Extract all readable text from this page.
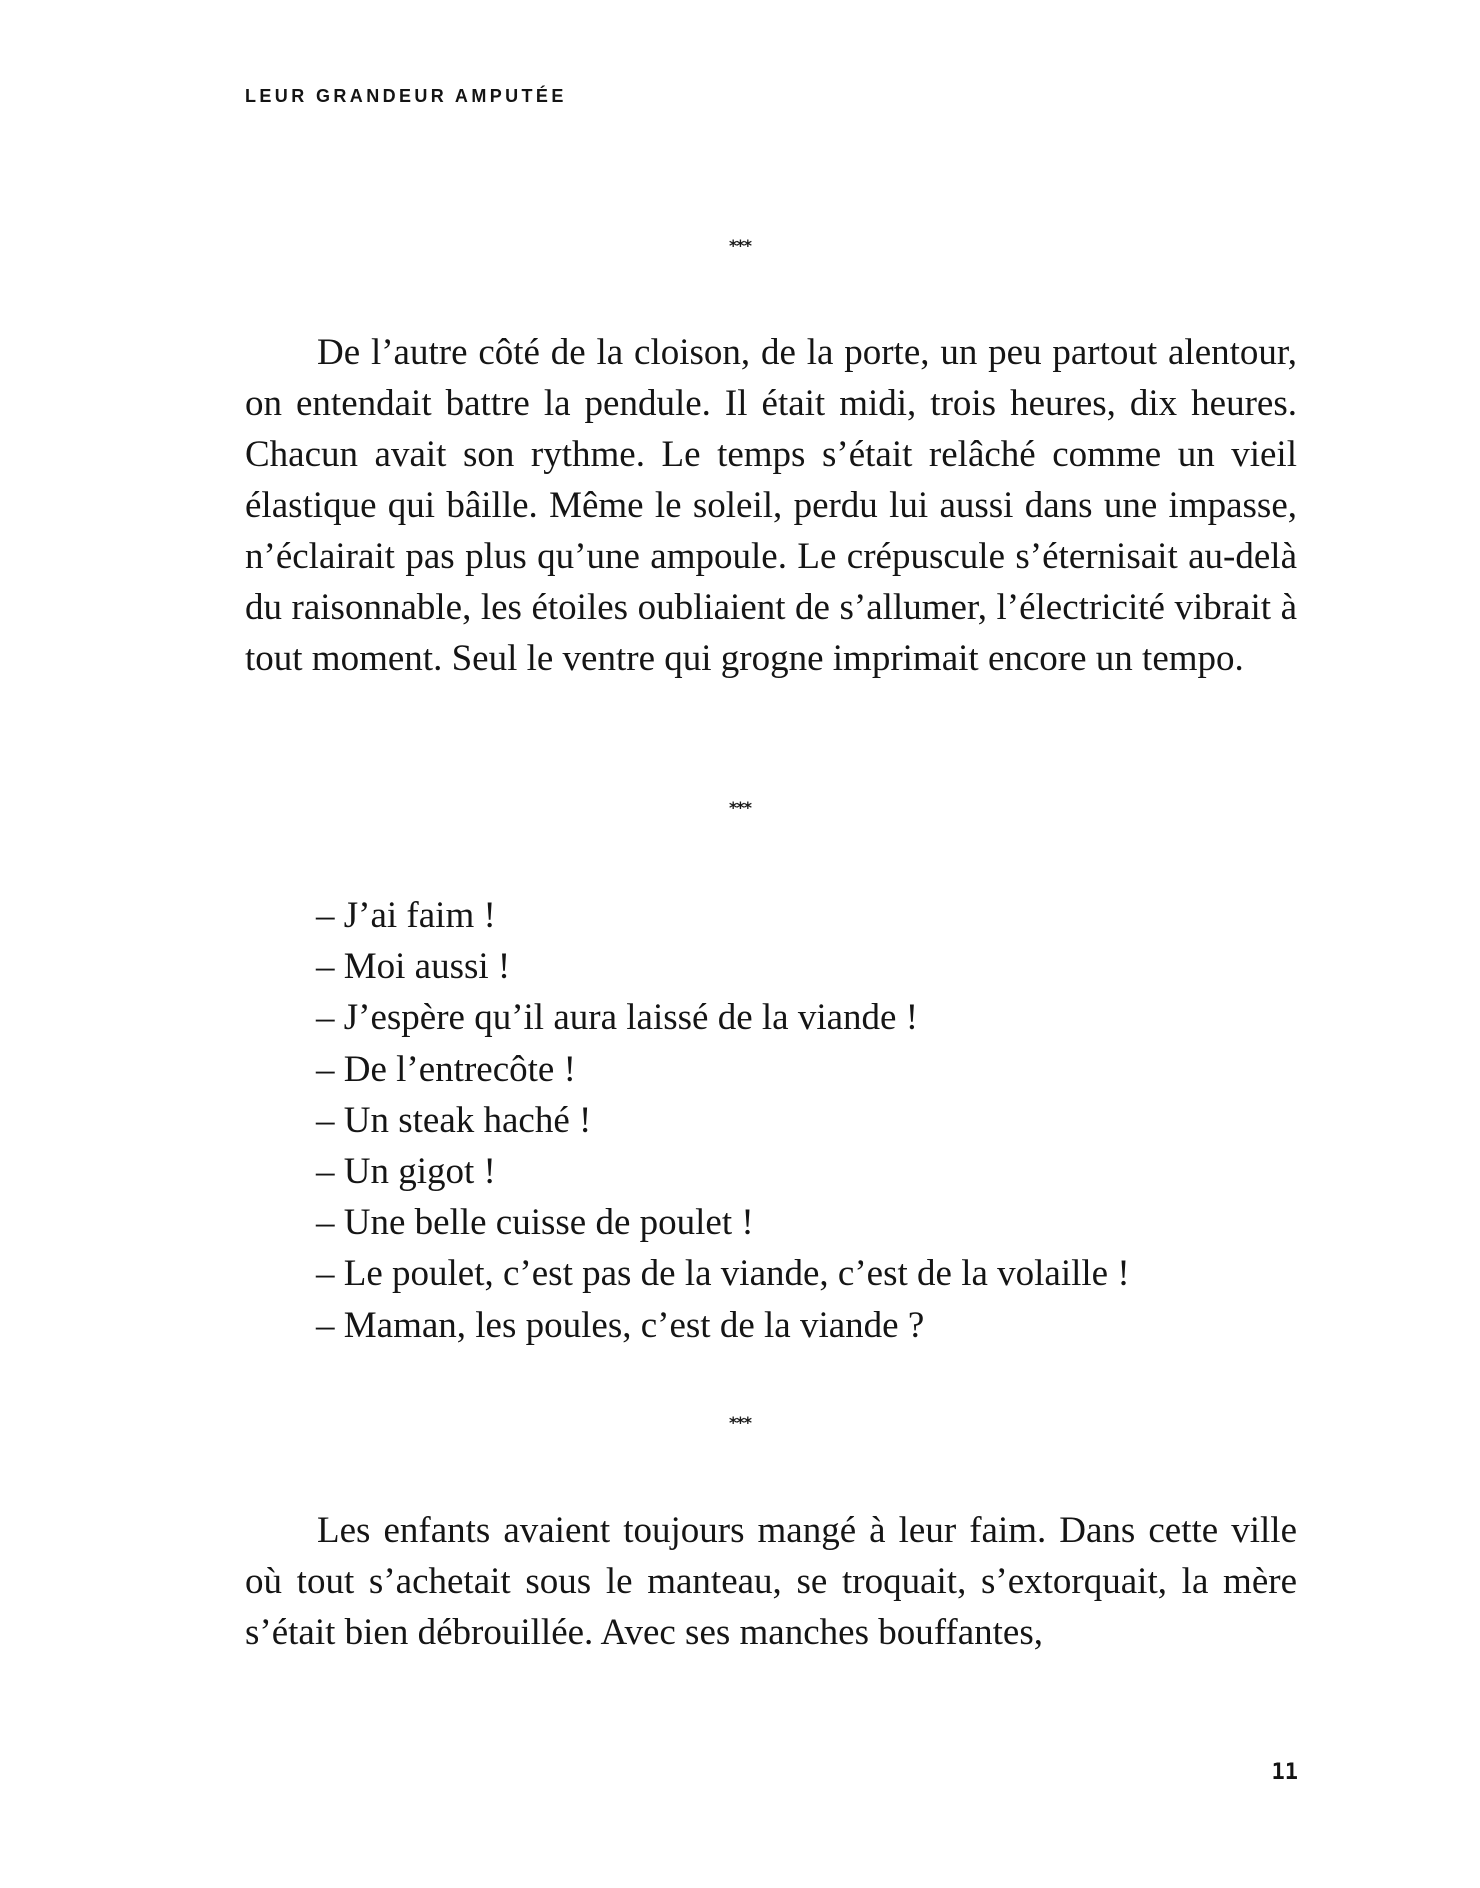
LEUR GRANDEUR AMPUTÉE
***

De l’autre côté de la cloison, de la porte, un peu partout alentour, on entendait battre la pendule. Il était midi, trois heures, dix heures. Chacun avait son rythme. Le temps s’était relâché comme un vieil élastique qui bâille. Même le soleil, perdu lui aussi dans une impasse, n’éclairait pas plus qu’une ampoule. Le crépuscule s’éternisait au-delà du raisonnable, les étoiles oubliaient de s’allumer, l’électricité vibrait à tout moment. Seul le ventre qui grogne imprimait encore un tempo.

***
– J’ai faim !
– Moi aussi !
– J’espère qu’il aura laissé de la viande !
– De l’entrecôte !
– Un steak haché !
– Un gigot !
– Une belle cuisse de poulet !
– Le poulet, c’est pas de la viande, c’est de la volaille !
– Maman, les poules, c’est de la viande ?
***

Les enfants avaient toujours mangé à leur faim. Dans cette ville où tout s’achetait sous le manteau, se troquait, s’extorquait, la mère s’était bien débrouillée. Avec ses manches bouffantes,

11
